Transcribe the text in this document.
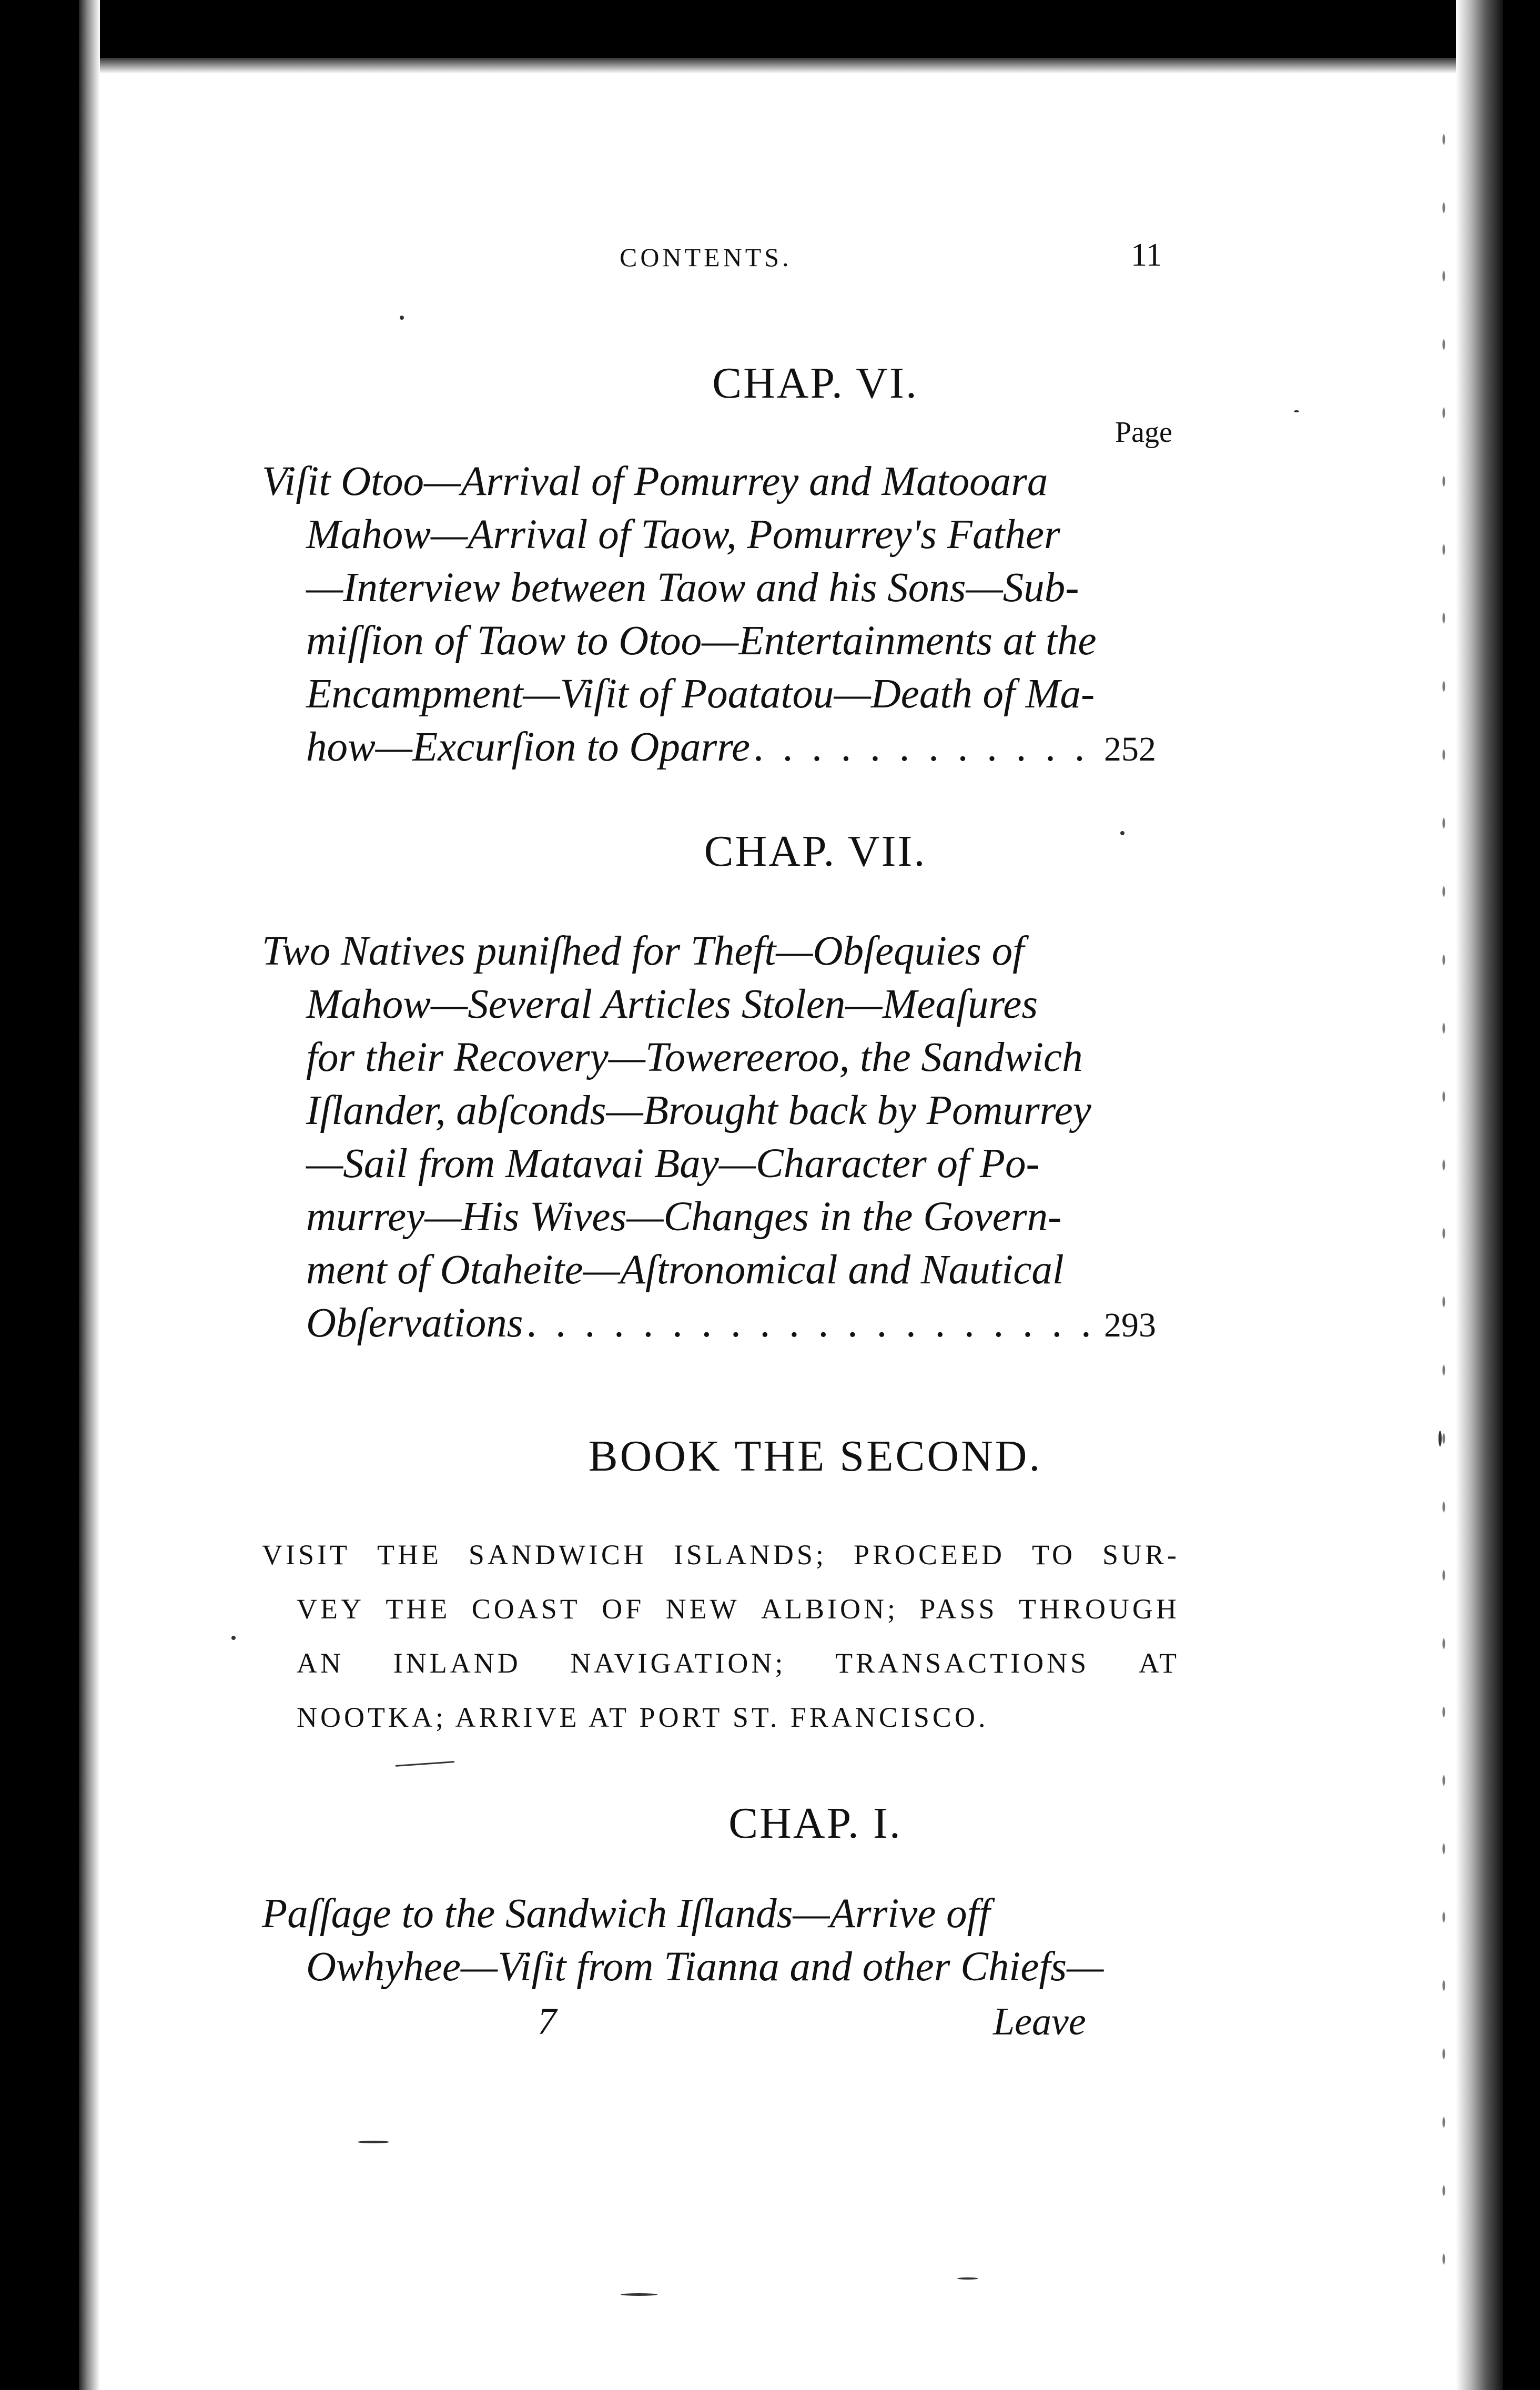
CONTENTS.	11
CHAP. VI.
Page
Viſit Otoo—Arrival of Pomurrey and Matooara
Mahow—Arrival of Taow, Pomurrey's Father
—Interview between Taow and his Sons—Sub-
miſſion of Taow to Otoo—Entertainments at the
Encampment—Viſit of Poatatou—Death of Ma-
how—Excurſion to Oparre . . .	252
CHAP. VII.
Two Natives puniſhed for Theft—Obſequies of
Mahow—Several Articles Stolen—Meaſures
for their Recovery—Towereeroo, the Sandwich
Iſlander, abſconds—Brought back by Pomurrey
—Sail from Matavai Bay—Character of Po-
murrey—His Wives—Changes in the Govern-
ment of Otaheite—Aſtronomical and Nautical
Obſervations . . .	293
BOOK THE SECOND.
VISIT THE SANDWICH ISLANDS; PROCEED TO SUR-
VEY THE COAST OF NEW ALBION; PASS THROUGH
AN INLAND NAVIGATION; TRANSACTIONS AT
NOOTKA; ARRIVE AT PORT ST. FRANCISCO.
CHAP. I.
Paſſage to the Sandwich Iſlands—Arrive off
Owhyhee—Viſit from Tianna and other Chiefs—
7	Leave
